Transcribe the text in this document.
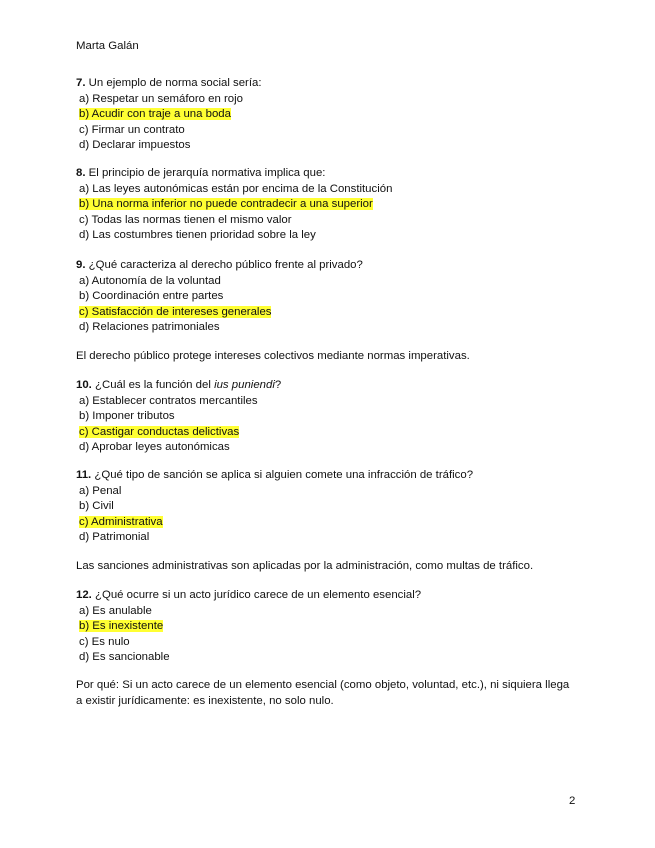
Marta Galán
7. Un ejemplo de norma social sería:
a) Respetar un semáforo en rojo
b) Acudir con traje a una boda
c) Firmar un contrato
d) Declarar impuestos
8. El principio de jerarquía normativa implica que:
a) Las leyes autonómicas están por encima de la Constitución
b) Una norma inferior no puede contradecir a una superior
c) Todas las normas tienen el mismo valor
d) Las costumbres tienen prioridad sobre la ley
9. ¿Qué caracteriza al derecho público frente al privado?
a) Autonomía de la voluntad
b) Coordinación entre partes
c) Satisfacción de intereses generales
d) Relaciones patrimoniales
El derecho público protege intereses colectivos mediante normas imperativas.
10. ¿Cuál es la función del ius puniendi?
a) Establecer contratos mercantiles
b) Imponer tributos
c) Castigar conductas delictivas
d) Aprobar leyes autonómicas
11. ¿Qué tipo de sanción se aplica si alguien comete una infracción de tráfico?
a) Penal
b) Civil
c) Administrativa
d) Patrimonial
Las sanciones administrativas son aplicadas por la administración, como multas de tráfico.
12. ¿Qué ocurre si un acto jurídico carece de un elemento esencial?
a) Es anulable
b) Es inexistente
c) Es nulo
d) Es sancionable
Por qué: Si un acto carece de un elemento esencial (como objeto, voluntad, etc.), ni siquiera llega a existir jurídicamente: es inexistente, no solo nulo.
2
